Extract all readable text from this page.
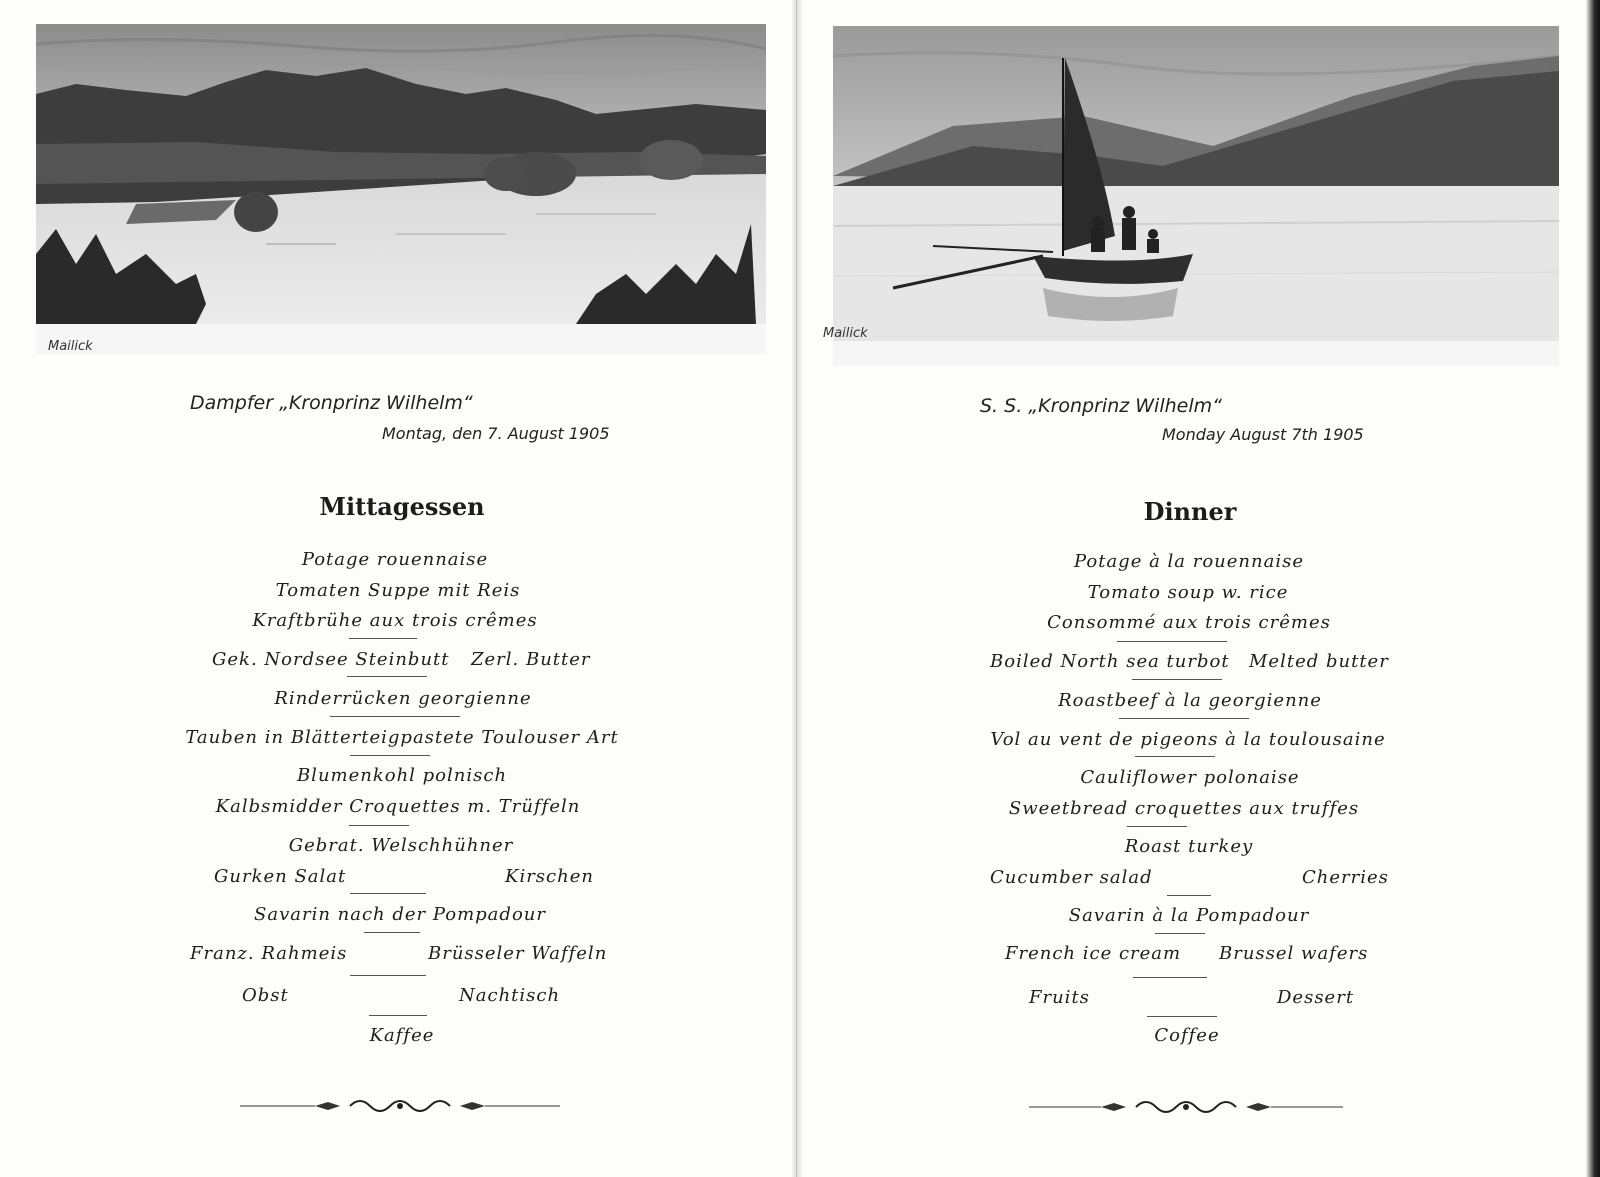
Mailick
Dampfer „Kronprinz Wilhelm“
Montag, den 7. August 1905
Mittagessen
Potage rouennaise
Tomaten Suppe mit Reis
Kraftbrühe aux trois crêmes
Gek. Nordsee Steinbutt Zerl. Butter
Rinderrücken georgienne
Tauben in Blätterteigpastete Toulouser Art
Blumenkohl polnisch
Kalbsmidder Croquettes m. Trüffeln
Gebrat. Welschhühner
Gurken Salat	Kirschen
Savarin nach der Pompadour
Franz. Rahmeis	Brüsseler Waffeln
Obst	Nachtisch
Kaffee
Mailick
S. S. „Kronprinz Wilhelm“
Monday August 7th 1905
Dinner
Potage à la rouennaise
Tomato soup w. rice
Consommé aux trois crêmes
Boiled North sea turbot Melted butter
Roastbeef à la georgienne
Vol au vent de pigeons à la toulousaine
Cauliflower polonaise
Sweetbread croquettes aux truffes
Roast turkey
Cucumber salad	Cherries
Savarin à la Pompadour
French ice cream Brussel wafers
Fruits	Dessert
Coffee
